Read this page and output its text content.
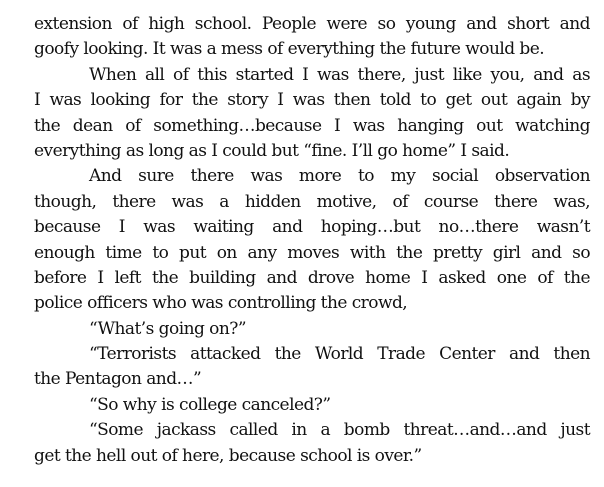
extension of high school. People were so young and short and
goofy looking. It was a mess of everything the future would be.
When all of this started I was there, just like you, and as
I was looking for the story I was then told to get out again by
the dean of something…because I was hanging out watching
everything as long as I could but “fine. I’ll go home” I said.
And sure there was more to my social observation
though, there was a hidden motive, of course there was,
because I was waiting and hoping…but no…there wasn’t
enough time to put on any moves with the pretty girl and so
before I left the building and drove home I asked one of the
police officers who was controlling the crowd,
“What’s going on?”
“Terrorists attacked the World Trade Center and then
the Pentagon and…”
“So why is college canceled?”
“Some jackass called in a bomb threat…and…and just
get the hell out of here, because school is over.”
